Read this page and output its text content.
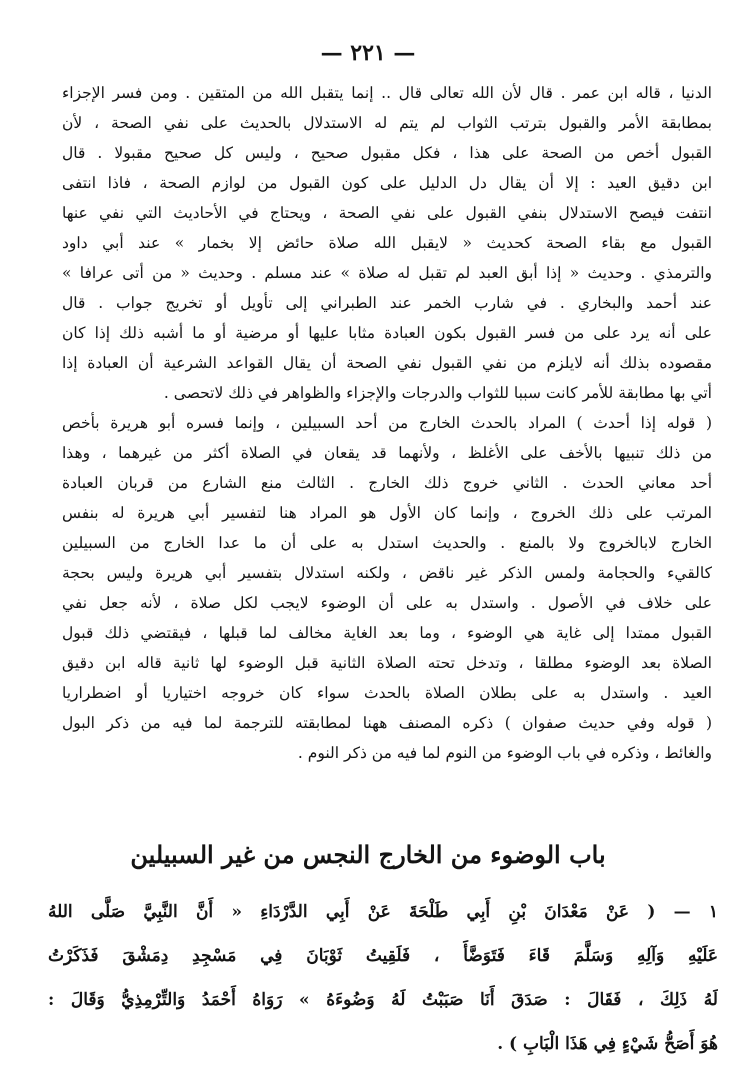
— ٢٢١ —
الدنيا ، قاله ابن عمر . قال لأن الله تعالى قال .. إنما يتقبل الله من المتقين . ومن فسر الإجزاء
بمطابقة الأمر والقبول بترتب الثواب لم يتم له الاستدلال بالحديث على نفي الصحة ، لأن
القبول أخص من الصحة على هذا ، فكل مقبول صحيح ، وليس كل صحيح مقبولا . قال
ابن دقيق العيد : إلا أن يقال دل الدليل على كون القبول من لوازم الصحة ، فاذا انتفى
انتفت فيصح الاستدلال بنفي القبول على نفي الصحة ، ويحتاج في الأحاديث التي نفي عنها
القبول مع بقاء الصحة كحديث « لايقبل الله صلاة حائض إلا بخمار » عند أبي داود
والترمذي . وحديث « إذا أبق العبد لم تقبل له صلاة » عند مسلم . وحديث « من أتى عرافا »
عند أحمد والبخاري . في شارب الخمر عند الطبراني إلى تأويل أو تخريج جواب . قال
على أنه يرد على من فسر القبول بكون العبادة مثابا عليها أو مرضية أو ما أشبه ذلك إذا كان
مقصوده بذلك أنه لايلزم من نفي القبول نفي الصحة أن يقال القواعد الشرعية أن العبادة إذا
أتي بها مطابقة للأمر كانت سببا للثواب والدرجات والإجزاء والظواهر في ذلك لاتحصى .
( قوله إذا أحدث ) المراد بالحدث الخارج من أحد السبيلين ، وإنما فسره أبو هريرة بأخص
من ذلك تنبيها بالأخف على الأغلظ ، ولأنهما قد يقعان في الصلاة أكثر من غيرهما ، وهذا
أحد معاني الحدث . الثاني خروج ذلك الخارج . الثالث منع الشارع من قربان العبادة
المرتب على ذلك الخروج ، وإنما كان الأول هو المراد هنا لتفسير أبي هريرة له بنفس
الخارج لابالخروج ولا بالمنع . والحديث استدل به على أن ما عدا الخارج من السبيلين
كالقيء والحجامة ولمس الذكر غير ناقض ، ولكنه استدلال بتفسير أبي هريرة وليس بحجة
على خلاف في الأصول . واستدل به على أن الوضوء لايجب لكل صلاة ، لأنه جعل نفي
القبول ممتدا إلى غاية هي الوضوء ، وما بعد الغاية مخالف لما قبلها ، فيقتضي ذلك قبول
الصلاة بعد الوضوء مطلقا ، وتدخل تحته الصلاة الثانية قبل الوضوء لها ثانية قاله ابن دقيق
العيد . واستدل به على بطلان الصلاة بالحدث سواء كان خروجه اختياريا أو اضطراريا
( قوله وفي حديث صفوان ) ذكره المصنف ههنا لمطابقته للترجمة لما فيه من ذكر البول
والغائط ، وذكره في باب الوضوء من النوم لما فيه من ذكر النوم .
باب الوضوء من الخارج النجس من غير السبيلين
١ — ( عَنْ مَعْدَانَ بْنِ أَبِي طَلْحَةَ عَنْ أَبِي الدَّرْدَاءِ « أَنَّ النَّبِيَّ صَلَّى اللهُ
عَلَيْهِ وَآلِهِ وَسَلَّمَ قَاءَ فَتَوَضَّأَ ، فَلَقِيتُ ثَوْبَانَ فِي مَسْجِدِ دِمَشْقَ فَذَكَرْتُ
لَهُ ذَلِكَ ، فَقَالَ : صَدَقَ أَنَا صَبَبْتُ لَهُ وَضُوءَهُ » رَوَاهُ أَحْمَدُ وَالتِّرْمِذِيُّ وَقَالَ :
هُوَ أَصَحُّ شَيْءٍ فِي هَذَا الْبَابِ ) .
